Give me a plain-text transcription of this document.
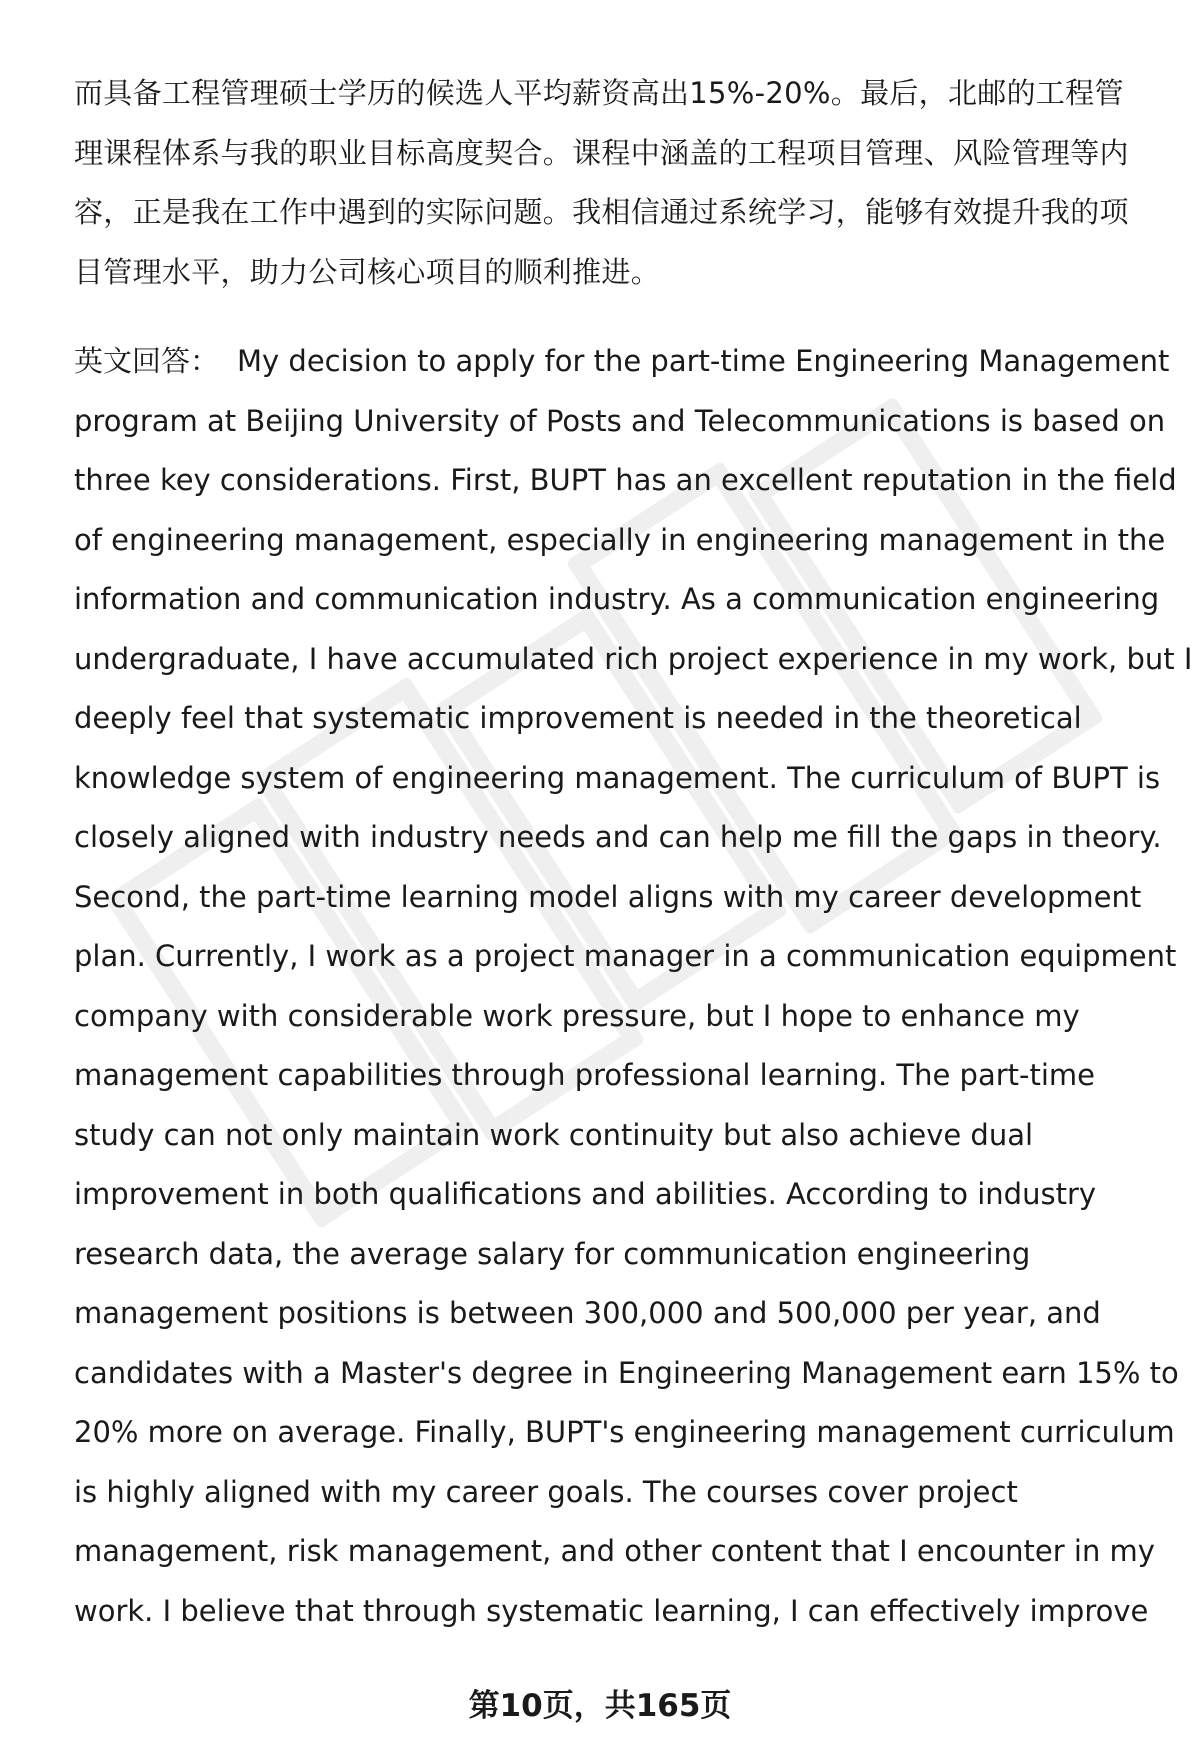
而具备工程管理硕士学历的候选人平均薪资高出15%-20%。最后，北邮的工程管
理课程体系与我的职业目标高度契合。课程中涵盖的工程项目管理、风险管理等内
容，正是我在工作中遇到的实际问题。我相信通过系统学习，能够有效提升我的项
目管理水平，助力公司核心项目的顺利推进。
英文回答： My decision to apply for the part-time Engineering Management
program at Beijing University of Posts and Telecommunications is based on
three key considerations. First, BUPT has an excellent reputation in the field
of engineering management, especially in engineering management in the
information and communication industry. As a communication engineering
undergraduate, I have accumulated rich project experience in my work, but I
deeply feel that systematic improvement is needed in the theoretical
knowledge system of engineering management. The curriculum of BUPT is
closely aligned with industry needs and can help me fill the gaps in theory.
Second, the part-time learning model aligns with my career development
plan. Currently, I work as a project manager in a communication equipment
company with considerable work pressure, but I hope to enhance my
management capabilities through professional learning. The part-time
study can not only maintain work continuity but also achieve dual
improvement in both qualifications and abilities. According to industry
research data, the average salary for communication engineering
management positions is between 300,000 and 500,000 per year, and
candidates with a Master's degree in Engineering Management earn 15% to
20% more on average. Finally, BUPT's engineering management curriculum
is highly aligned with my career goals. The courses cover project
management, risk management, and other content that I encounter in my
work. I believe that through systematic learning, I can effectively improve
第10页，共165页
